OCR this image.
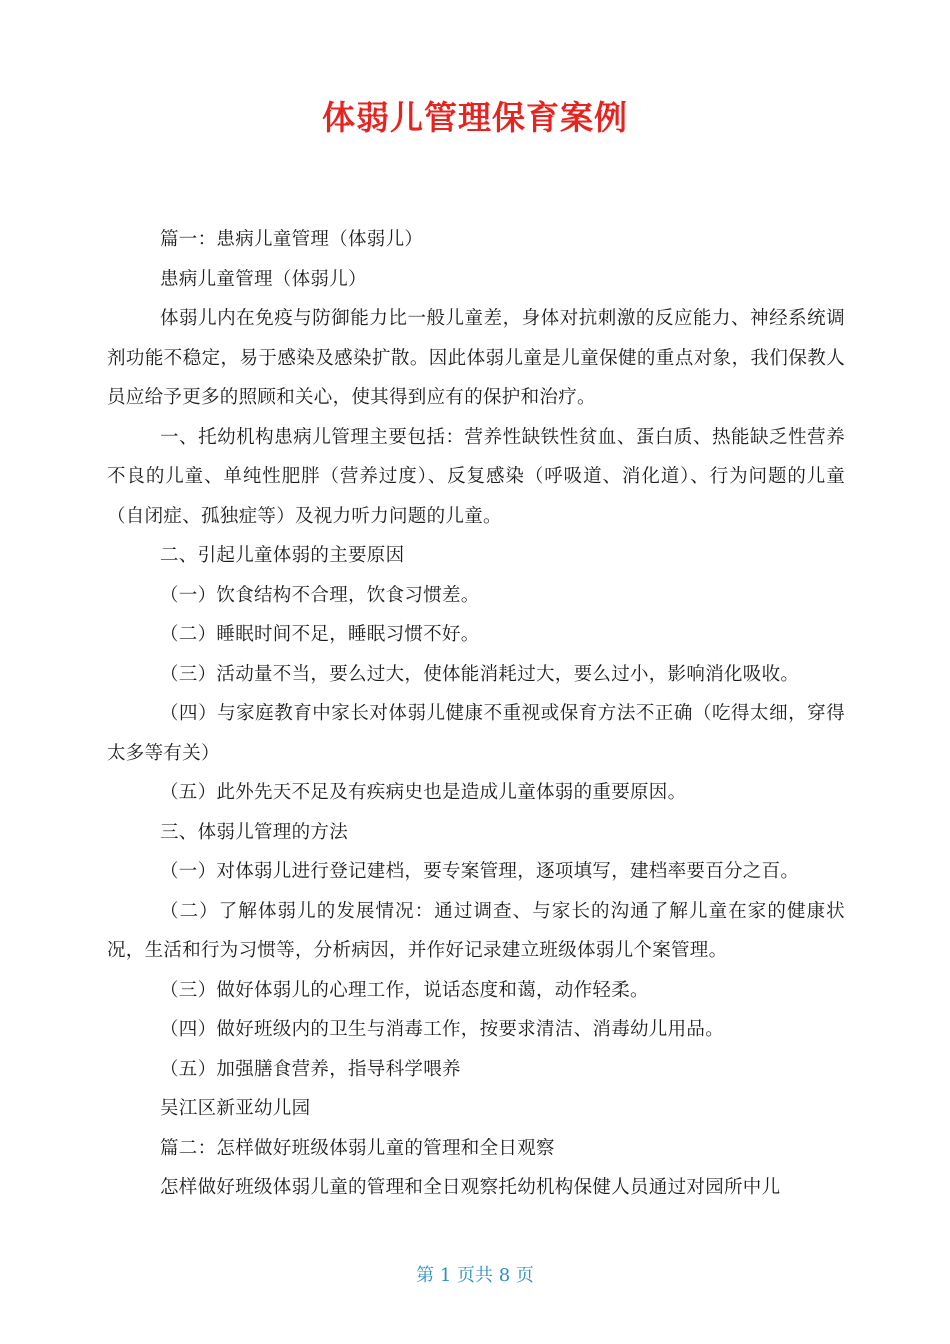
体弱儿管理保育案例

篇一：患病儿童管理（体弱儿）

患病儿童管理（体弱儿）

体弱儿内在免疫与防御能力比一般儿童差，身体对抗刺激的反应能力、神经系统调剂功能不稳定，易于感染及感染扩散。因此体弱儿童是儿童保健的重点对象，我们保教人员应给予更多的照顾和关心，使其得到应有的保护和治疗。

一、托幼机构患病儿管理主要包括：营养性缺铁性贫血、蛋白质、热能缺乏性营养不良的儿童、单纯性肥胖（营养过度）、反复感染（呼吸道、消化道）、行为问题的儿童（自闭症、孤独症等）及视力听力问题的儿童。

二、引起儿童体弱的主要原因

（一）饮食结构不合理，饮食习惯差。

（二）睡眠时间不足，睡眠习惯不好。

（三）活动量不当，要么过大，使体能消耗过大，要么过小，影响消化吸收。

（四）与家庭教育中家长对体弱儿健康不重视或保育方法不正确（吃得太细，穿得太多等有关）

（五）此外先天不足及有疾病史也是造成儿童体弱的重要原因。

三、体弱儿管理的方法

（一）对体弱儿进行登记建档，要专案管理，逐项填写，建档率要百分之百。

（二）了解体弱儿的发展情况：通过调查、与家长的沟通了解儿童在家的健康状况，生活和行为习惯等，分析病因，并作好记录建立班级体弱儿个案管理。

（三）做好体弱儿的心理工作，说话态度和蔼，动作轻柔。

（四）做好班级内的卫生与消毒工作，按要求清洁、消毒幼儿用品。

（五）加强膳食营养，指导科学喂养

吴江区新亚幼儿园

篇二：怎样做好班级体弱儿童的管理和全日观察

怎样做好班级体弱儿童的管理和全日观察托幼机构保健人员通过对园所中儿

第 1 页共 8 页
